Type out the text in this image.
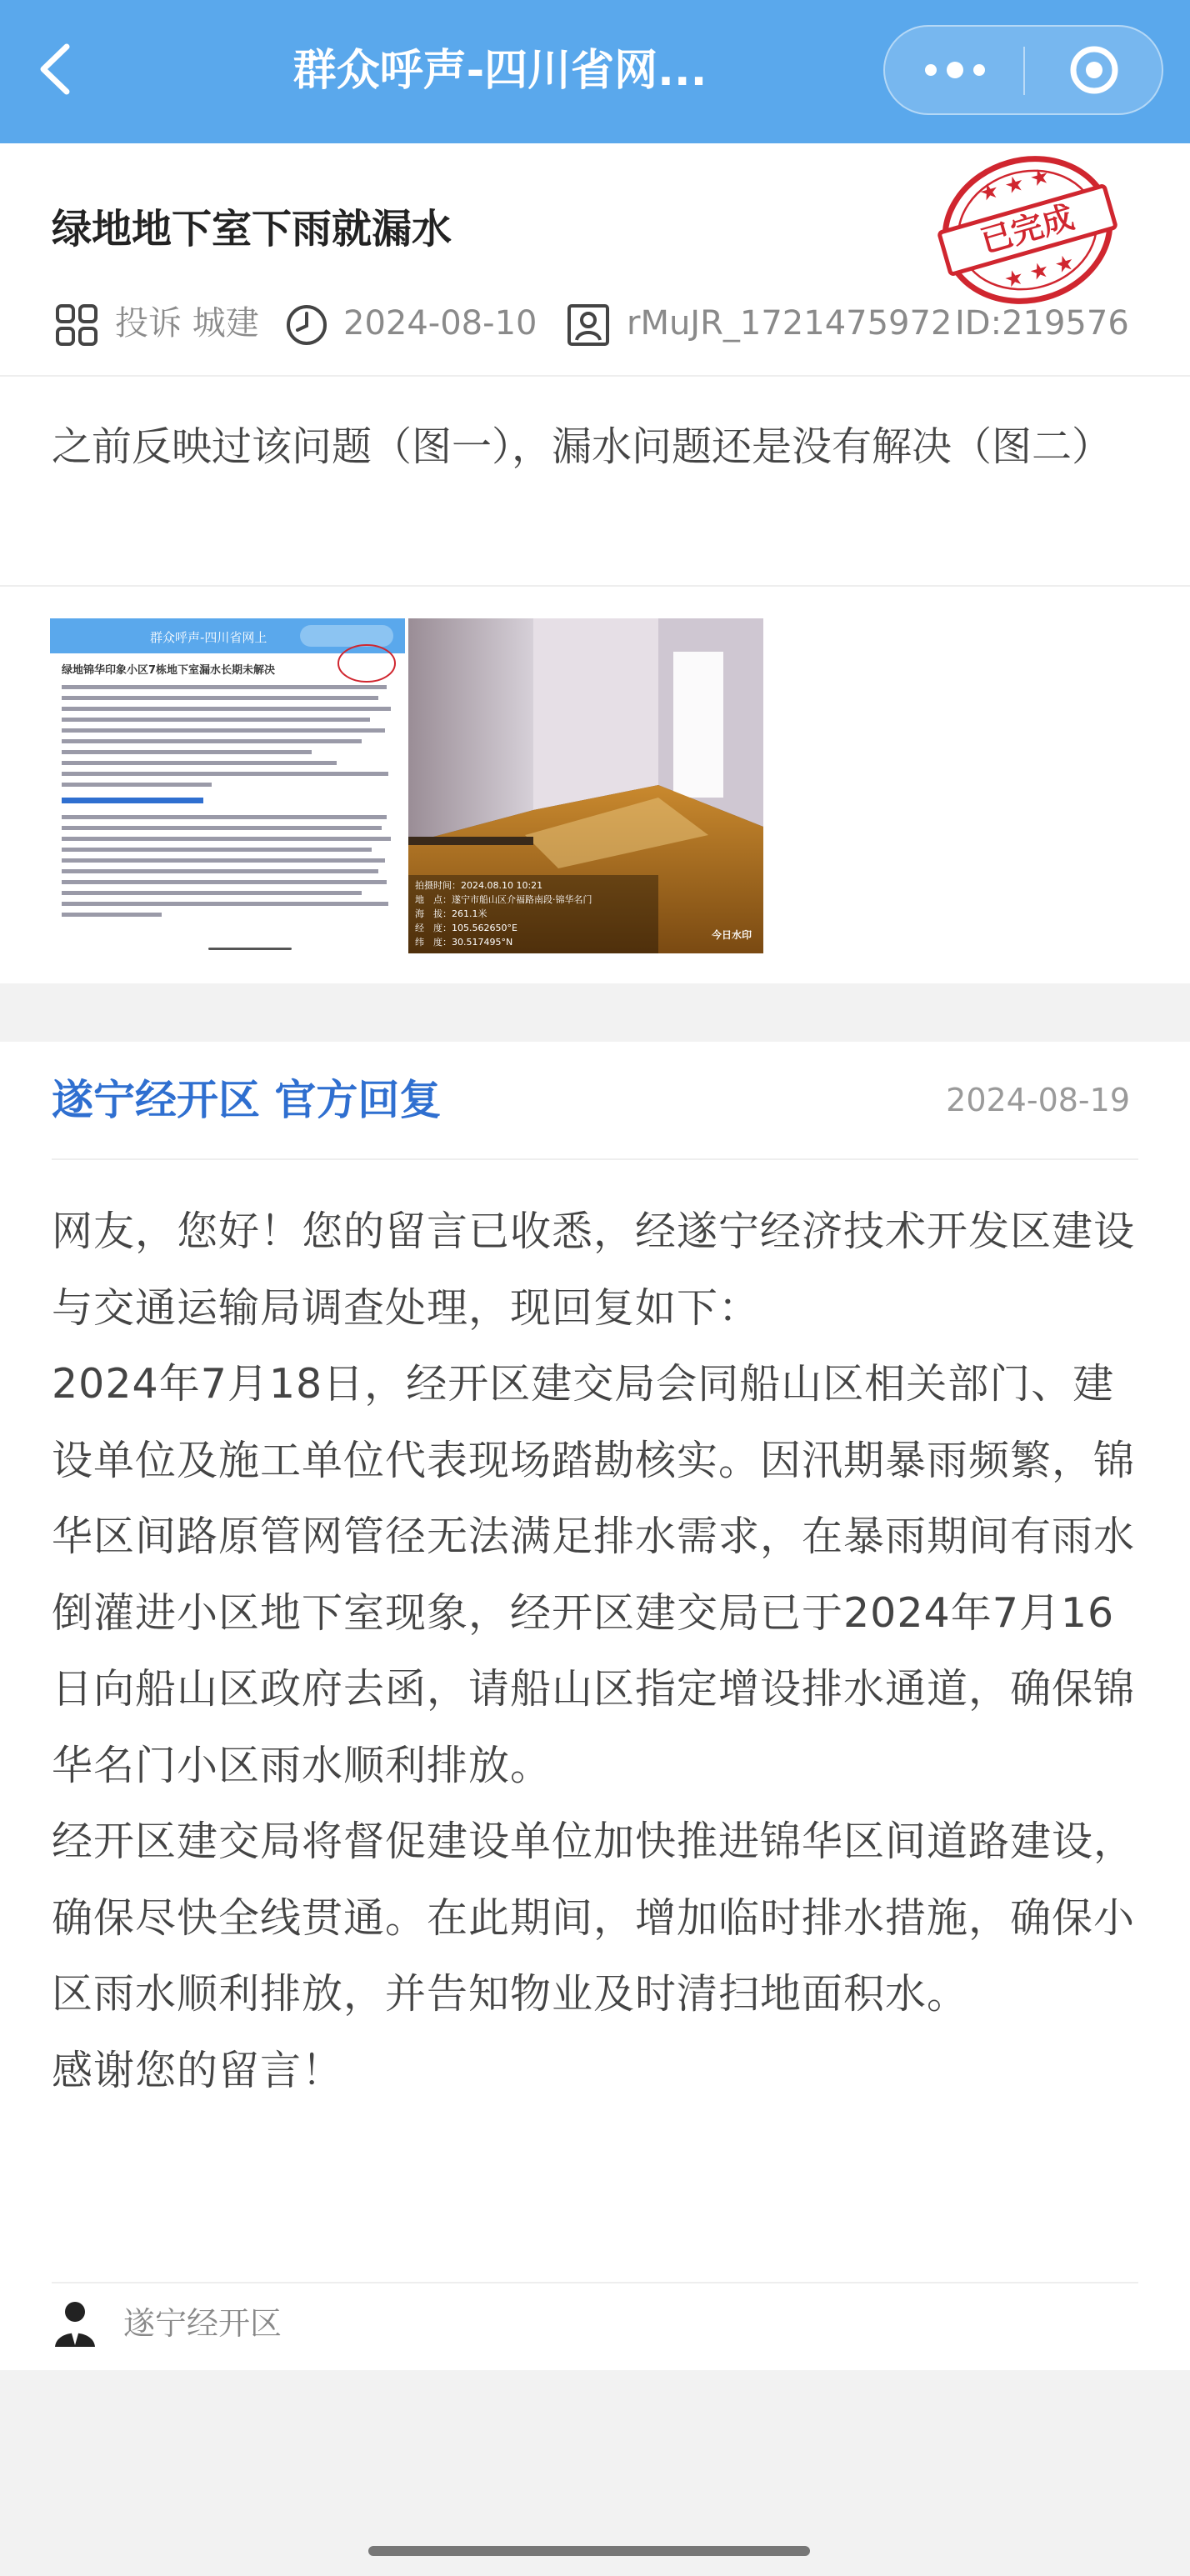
群众呼声-四川省网...
绿地地下室下雨就漏水	已完成
★ ★ ★
★ ★ ★
投诉 城建	2024-08-10	rMuJR_1721475972 ID:219576
之前反映过该问题（图一），漏水问题还是没有解决（图二）
群众呼声-四川省网上
绿地锦华印象小区7栋地下室漏水长期未解决
拍摄时间：2024.08.10 10:21
地　点：遂宁市船山区介福路南段·锦华名门
海　拔：261.1米
经　度：105.562650°E
纬　度：30.517495°N
今日水印
遂宁经开区 官方回复	2024-08-19

网友，您好！您的留言已收悉，经遂宁经济技术开发区建设与交通运输局调查处理，现回复如下：

2024年7月18日，经开区建交局会同船山区相关部门、建设单位及施工单位代表现场踏勘核实。因汛期暴雨频繁，锦华区间路原管网管径无法满足排水需求，在暴雨期间有雨水倒灌进小区地下室现象，经开区建交局已于2024年7月16日向船山区政府去函，请船山区指定增设排水通道，确保锦华名门小区雨水顺利排放。

经开区建交局将督促建设单位加快推进锦华区间道路建设，确保尽快全线贯通。在此期间，增加临时排水措施，确保小区雨水顺利排放，并告知物业及时清扫地面积水。

感谢您的留言！

遂宁经开区
